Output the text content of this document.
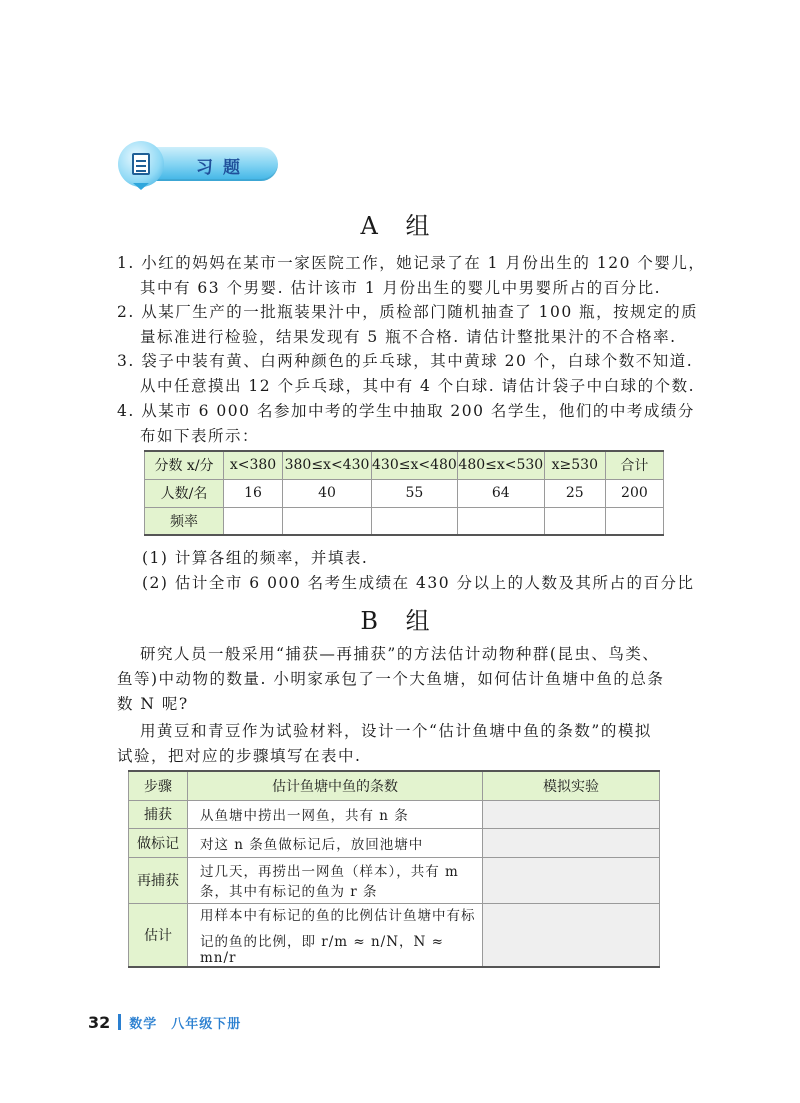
习题
A 组
1. 小红的妈妈在某市一家医院工作，她记录了在 1 月份出生的 120 个婴儿，
其中有 63 个男婴. 估计该市 1 月份出生的婴儿中男婴所占的百分比.
2. 从某厂生产的一批瓶装果汁中，质检部门随机抽查了 100 瓶，按规定的质
量标准进行检验，结果发现有 5 瓶不合格. 请估计整批果汁的不合格率.
3. 袋子中装有黄、白两种颜色的乒乓球，其中黄球 20 个，白球个数不知道.
从中任意摸出 12 个乒乓球，其中有 4 个白球. 请估计袋子中白球的个数.
4. 从某市 6 000 名参加中考的学生中抽取 200 名学生，他们的中考成绩分
布如下表所示：
分数 x/分	x<380	380≤x<430	430≤x<480	480≤x<530	x≥530	合计
人数/名	16	40	55	64	25	200
频率						
(1) 计算各组的频率，并填表.
(2) 估计全市 6 000 名考生成绩在 430 分以上的人数及其所占的百分比
B 组
研究人员一般采用“捕获—再捕获”的方法估计动物种群(昆虫、鸟类、
鱼等)中动物的数量. 小明家承包了一个大鱼塘，如何估计鱼塘中鱼的总条
数 N 呢?
用黄豆和青豆作为试验材料，设计一个“估计鱼塘中鱼的条数”的模拟
试验，把对应的步骤填写在表中.
步骤	估计鱼塘中鱼的条数	模拟实验
捕获	从鱼塘中捞出一网鱼，共有 n 条	
做标记	对这 n 条鱼做标记后，放回池塘中	
再捕获	过几天，再捞出一网鱼（样本），共有 m
条，其中有标记的鱼为 r 条	

估计	用样本中有标记的鱼的比例估计鱼塘中有标
记的鱼的比例，即 r/m ≈ n/N，N ≈ mn/r	

32 数学　八年级下册
